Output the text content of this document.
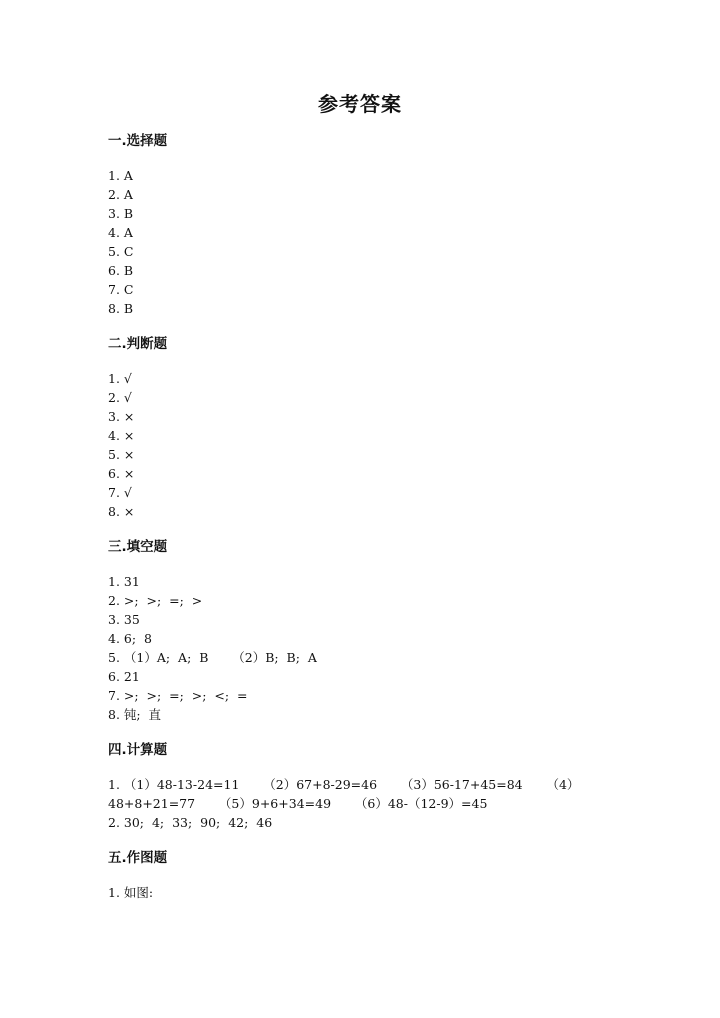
参考答案
一.选择题
1. A
2. A
3. B
4. A
5. C
6. B
7. C
8. B
二.判断题
1. √
2. √
3. ×
4. ×
5. ×
6. ×
7. √
8. ×
三.填空题
1. 31
2. >;  >;  =;  >
3. 35
4. 6;  8
5. （1）A;  A;  B      （2）B;  B;  A
6. 21
7. >;  >;  =;  >;  <;  =
8. 钝;  直
四.计算题
1. （1）48-13-24=11      （2）67+8-29=46      （3）56-17+45=84      （4）
48+8+21=77      （5）9+6+34=49      （6）48-（12-9）=45
2. 30;  4;  33;  90;  42;  46
五.作图题
1. 如图:
